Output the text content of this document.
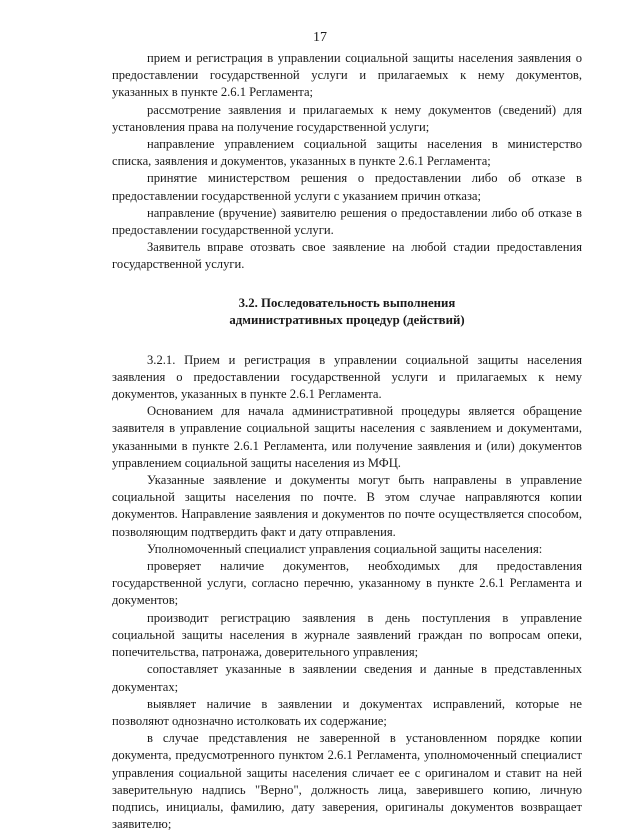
17

прием и регистрация в управлении социальной защиты населения заявления о предоставлении государственной услуги и прилагаемых к нему документов, указанных в пункте 2.6.1 Регламента;

рассмотрение заявления и прилагаемых к нему документов (сведений) для установления права на получение государственной услуги;

направление управлением социальной защиты населения в министерство списка, заявления и документов, указанных в пункте 2.6.1 Регламента;

принятие министерством решения о предоставлении либо об отказе в предоставлении государственной услуги с указанием причин отказа;

направление (вручение) заявителю решения о предоставлении либо об отказе в предоставлении государственной услуги.

Заявитель вправе отозвать свое заявление на любой стадии предоставления государственной услуги.

3.2. Последовательность выполнения
административных процедур (действий)

3.2.1. Прием и регистрация в управлении социальной защиты населения заявления о предоставлении государственной услуги и прилагаемых к нему документов, указанных в пункте 2.6.1 Регламента.

Основанием для начала административной процедуры является обращение заявителя в управление социальной защиты населения с заявлением и документами, указанными в пункте 2.6.1 Регламента, или получение заявления и (или) документов управлением социальной защиты населения из МФЦ.

Указанные заявление и документы могут быть направлены в управление социальной защиты населения по почте. В этом случае направляются копии документов. Направление заявления и документов по почте осуществляется способом, позволяющим подтвердить факт и дату отправления.

Уполномоченный специалист управления социальной защиты населения:

проверяет наличие документов, необходимых для предоставления государственной услуги, согласно перечню, указанному в пункте 2.6.1 Регламента и документов;

производит регистрацию заявления в день поступления в управление социальной защиты населения в журнале заявлений граждан по вопросам опеки, попечительства, патронажа, доверительного управления;

сопоставляет указанные в заявлении сведения и данные в представленных документах;

выявляет наличие в заявлении и документах исправлений, которые не позволяют однозначно истолковать их содержание;

в случае представления не заверенной в установленном порядке копии документа, предусмотренного пунктом 2.6.1 Регламента, уполномоченный специалист управления социальной защиты населения сличает ее с оригиналом и ставит на ней заверительную надпись "Верно", должность лица, заверившего копию, личную подпись, инициалы, фамилию, дату заверения, оригиналы документов возвращает заявителю;
